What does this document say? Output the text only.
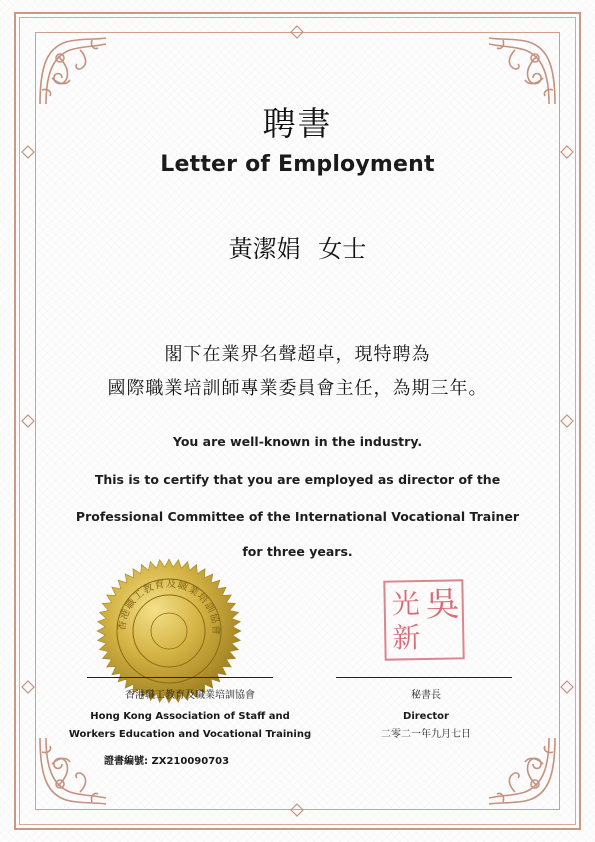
聘書
Letter of Employment
黃潔娟 女士
閣下在業界名聲超卓，現特聘為
國際職業培訓師專業委員會主任，為期三年。
You are well-known in the industry.
This is to certify that you are employed as director of the
Professional Committee of the International Vocational Trainer
for three years.
香港職工教育及職業培訓協會
吳
光
新
香港職工教育及職業培訓協會
Hong Kong Association of Staff and
Workers Education and Vocational Training
證書編號: ZX210090703
秘書長
Director
二零二一年九月七日
